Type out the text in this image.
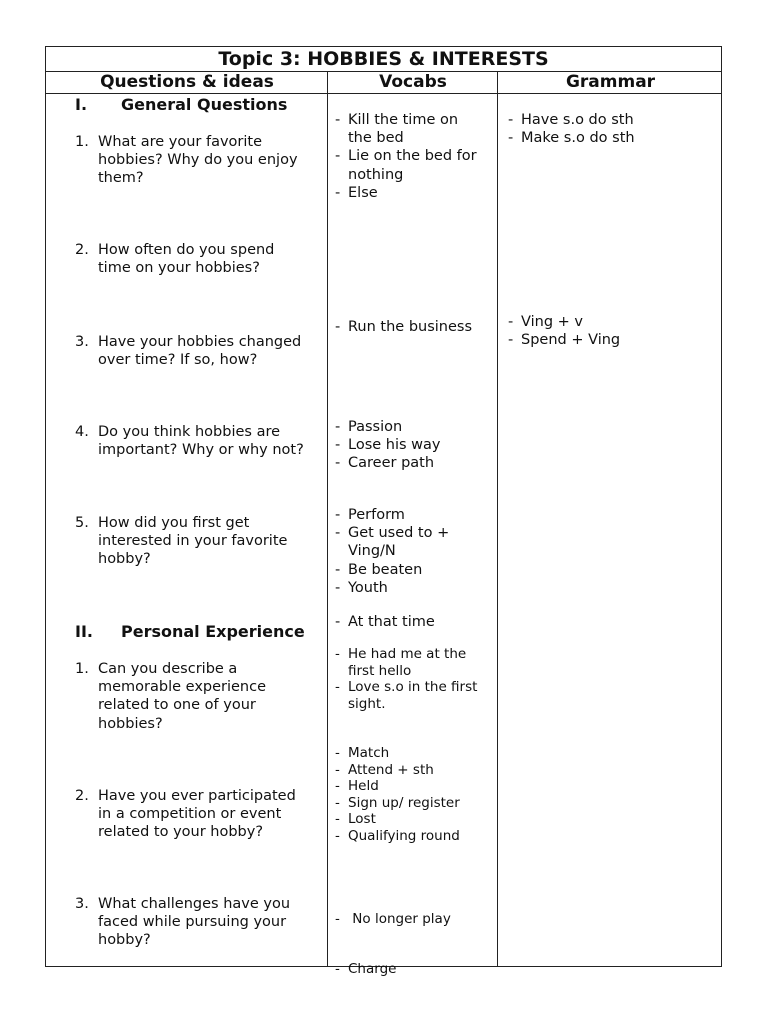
Topic 3: HOBBIES & INTERESTS
Questions & ideas	Vocabs	Grammar
I. General Questions
1. What are your favorite hobbies? Why do you enjoy them?
2. How often do you spend time on your hobbies?
3. Have your hobbies changed over time? If so, how?
4. Do you think hobbies are important? Why or why not?
5. How did you first get interested in your favorite hobby?
II. Personal Experience
1. Can you describe a memorable experience related to one of your hobbies?
2. Have you ever participated in a competition or event related to your hobby?
3. What challenges have you faced while pursuing your hobby?
- Kill the time on the bed
- Lie on the bed for nothing
- Else
- Run the business
- Passion
- Lose his way
- Career path
- Perform
- Get used to + Ving/N
- Be beaten
- Youth
- At that time
- He had me at the first hello
- Love s.o in the first sight.
- Match
- Attend + sth
- Held
- Sign up/ register
- Lost
- Qualifying round

-  No longer play

- Charge

- Have s.o do sth
- Make s.o do sth
- Ving + v
- Spend + Ving
